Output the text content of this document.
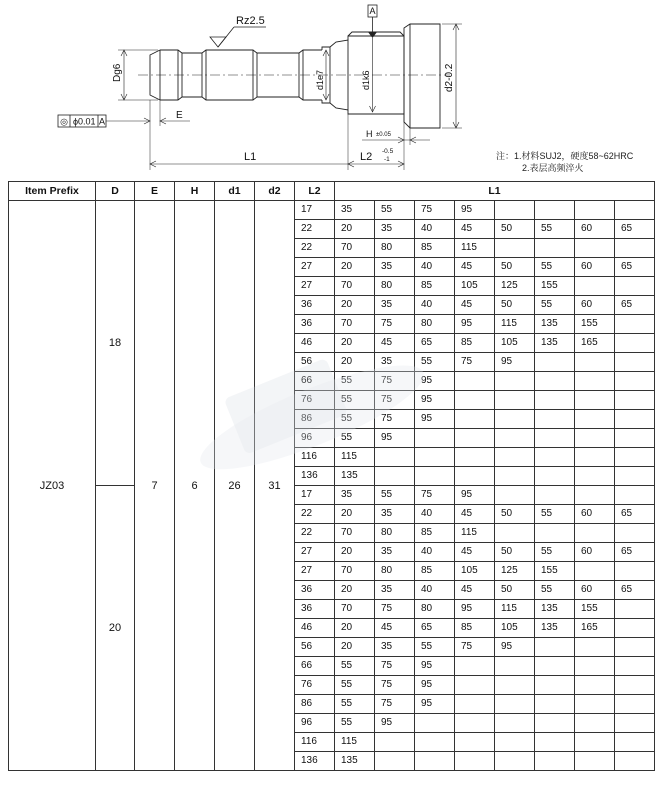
A
Rz2.5
Dg6	d1e7	d1k6	d2-0.2
◎ ϕ0.01 A
E
H ±0.05
L1	L2 -0.5
-1	注：1.材料SUJ2，硬度58~62HRC
2.表层高频淬火
Item Prefix	D	E	H	d1	d2	L2	L1							
JZ03	18	7	6	26	31	17	35	55	75	95				
						22	20	35	40	45	50	55	60	65
						22	70	80	85	115				
						27	20	35	40	45	50	55	60	65
						27	70	80	85	105	125	155		
						36	20	35	40	45	50	55	60	65
						36	70	75	80	95	115	135	155	
						46	20	45	65	85	105	135	165	
						56	20	35	55	75	95			
						66	55	75	95					
						76	55	75	95					
						86	55	75	95					
						96	55	95						
						116	115							
						136	135							
	20					17	35	55	75	95				
						22	20	35	40	45	50	55	60	65
						22	70	80	85	115				
						27	20	35	40	45	50	55	60	65
						27	70	80	85	105	125	155		
						36	20	35	40	45	50	55	60	65
						36	70	75	80	95	115	135	155	
						46	20	45	65	85	105	135	165	
						56	20	35	55	75	95			
						66	55	75	95					
						76	55	75	95					
						86	55	75	95					
						96	55	95						
						116	115							
						136	135							
